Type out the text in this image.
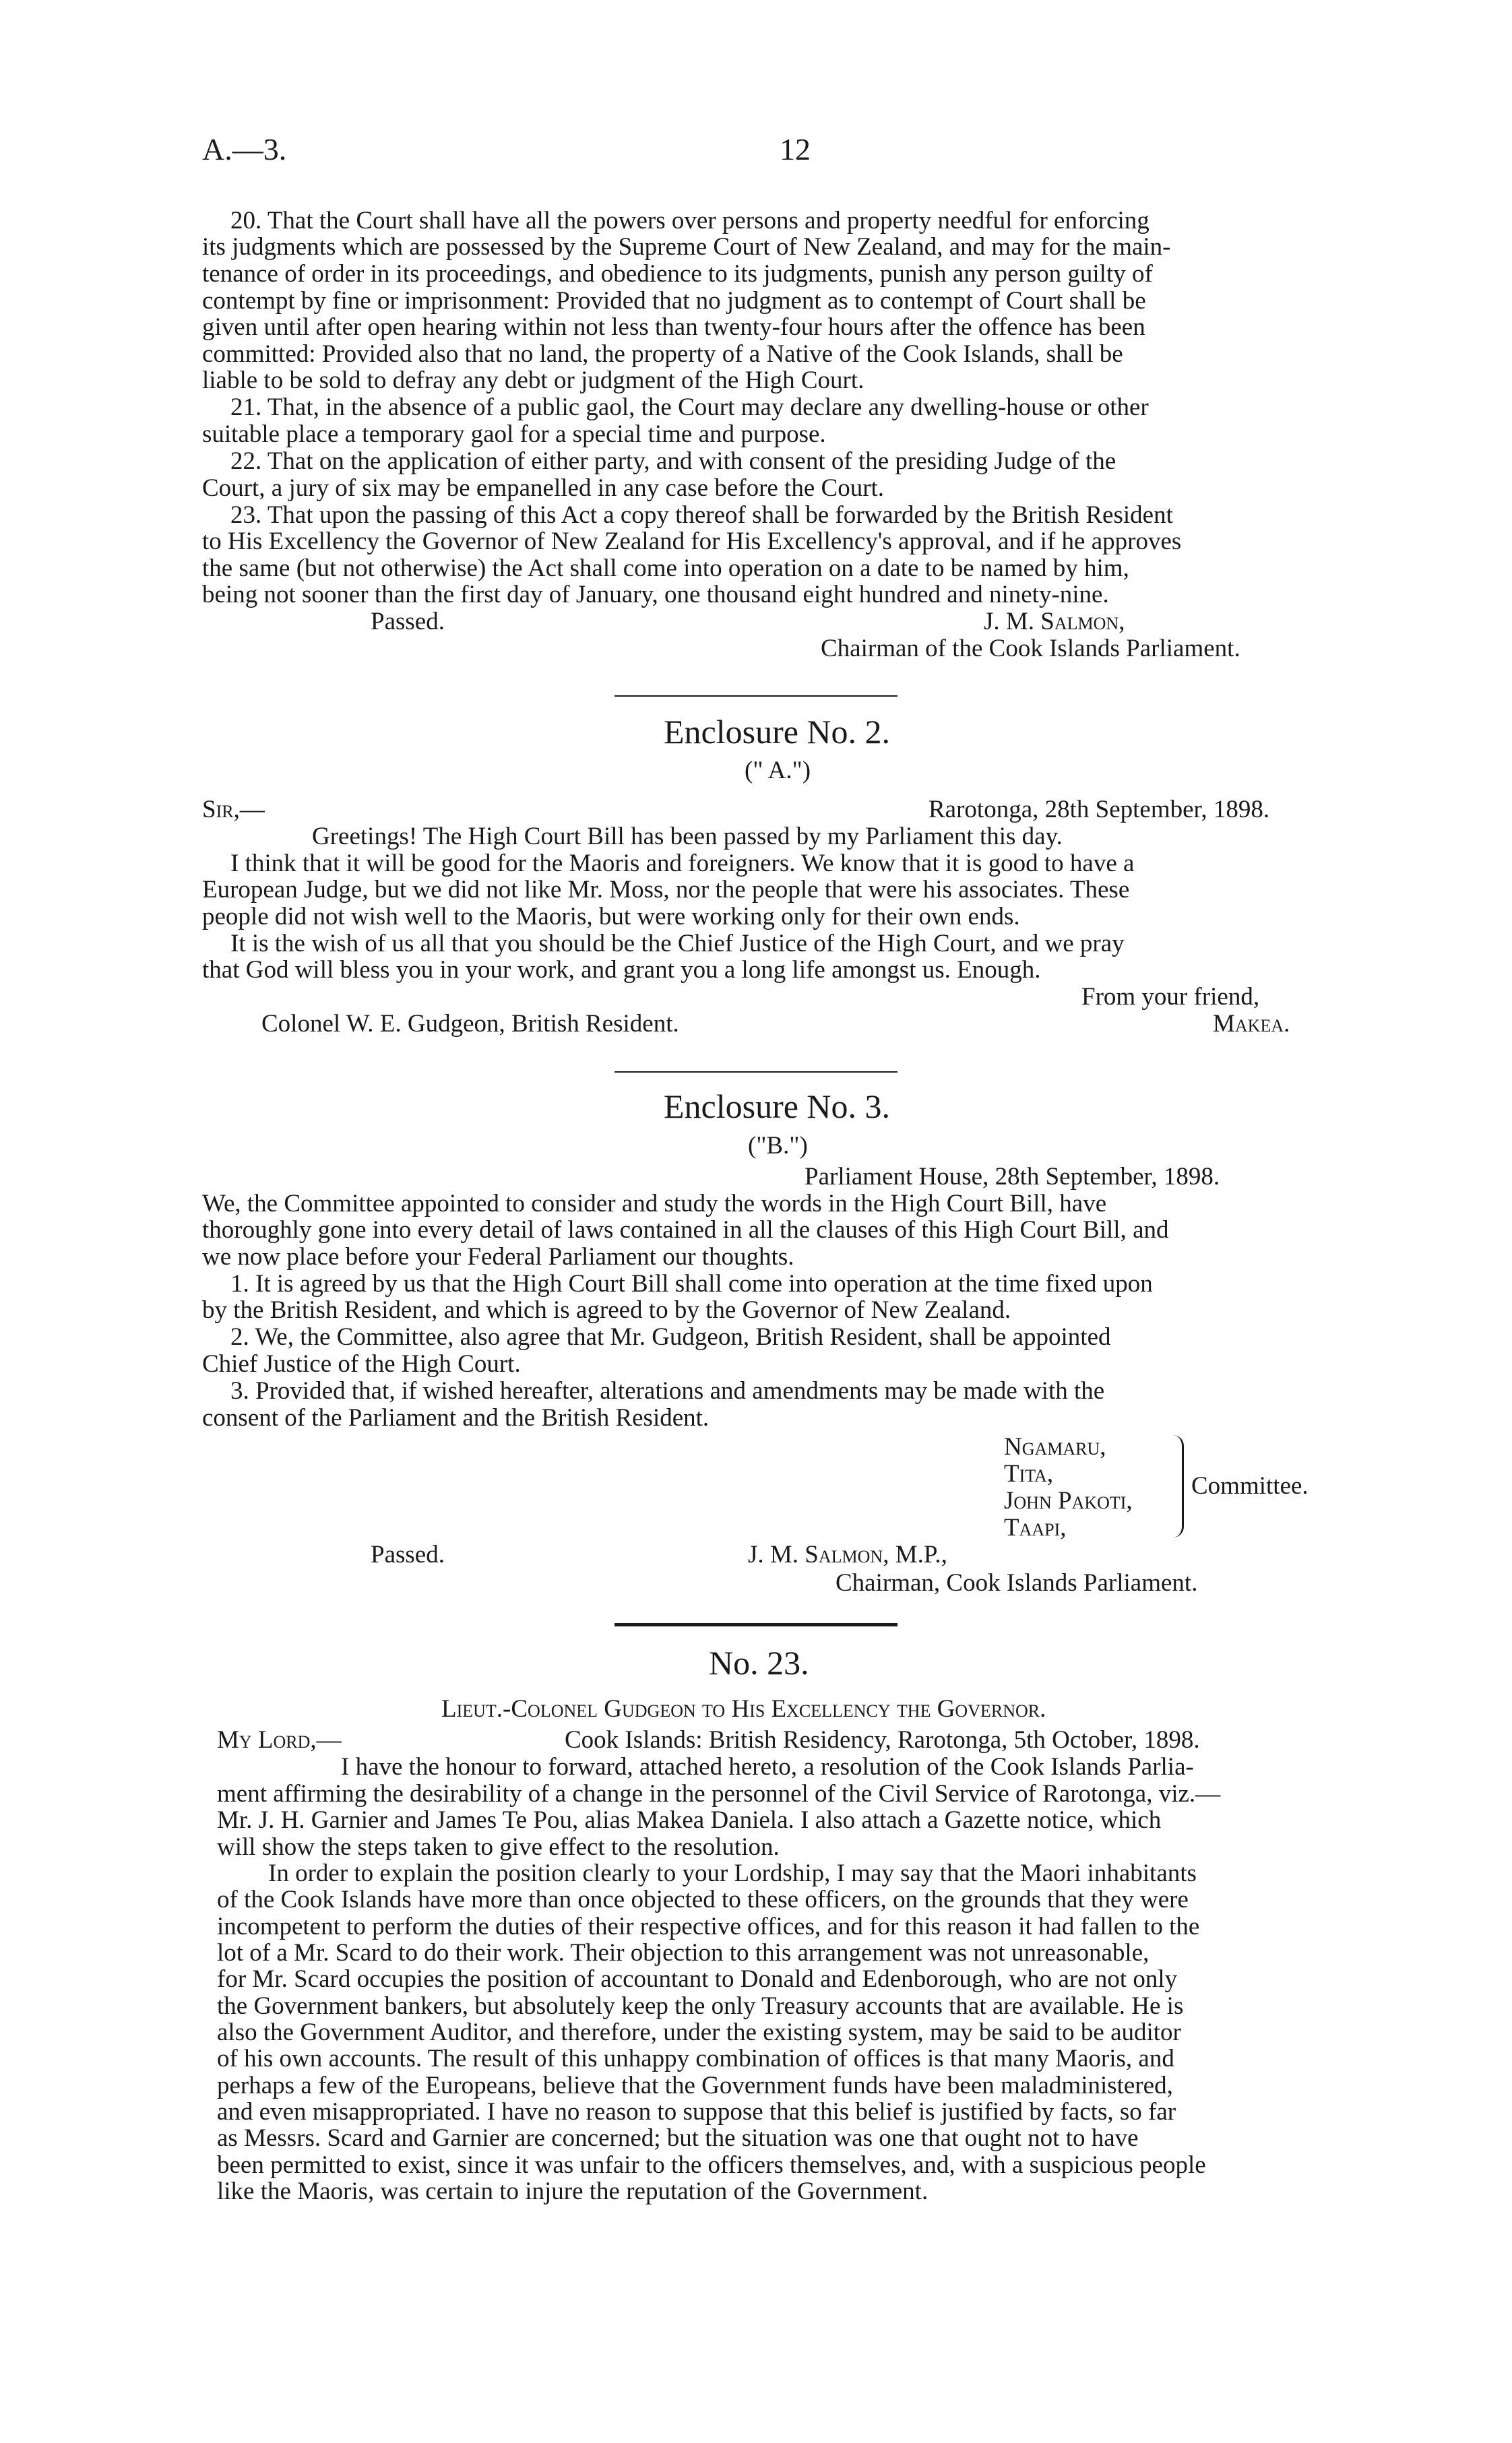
A.—3.	12
20. That the Court shall have all the powers over persons and property needful for enforcing
its judgments which are possessed by the Supreme Court of New Zealand, and may for the main-
tenance of order in its proceedings, and obedience to its judgments, punish any person guilty of
contempt by fine or imprisonment: Provided that no judgment as to contempt of Court shall be
given until after open hearing within not less than twenty-four hours after the offence has been
committed: Provided also that no land, the property of a Native of the Cook Islands, shall be
liable to be sold to defray any debt or judgment of the High Court.
21. That, in the absence of a public gaol, the Court may declare any dwelling-house or other
suitable place a temporary gaol for a special time and purpose.
22. That on the application of either party, and with consent of the presiding Judge of the
Court, a jury of six may be empanelled in any case before the Court.
23. That upon the passing of this Act a copy thereof shall be forwarded by the British Resident
to His Excellency the Governor of New Zealand for His Excellency's approval, and if he approves
the same (but not otherwise) the Act shall come into operation on a date to be named by him,
being not sooner than the first day of January, one thousand eight hundred and ninety-nine.
Passed.	J. M. Salmon,
Chairman of the Cook Islands Parliament.
Enclosure No. 2.
(" A.")
Sir,—	Rarotonga, 28th September, 1898.
Greetings! The High Court Bill has been passed by my Parliament this day.
I think that it will be good for the Maoris and foreigners. We know that it is good to have a
European Judge, but we did not like Mr. Moss, nor the people that were his associates. These
people did not wish well to the Maoris, but were working only for their own ends.
It is the wish of us all that you should be the Chief Justice of the High Court, and we pray
that God will bless you in your work, and grant you a long life amongst us. Enough.
From your friend,
Colonel W. E. Gudgeon, British Resident.	Makea.
Enclosure No. 3.
("B.")
Parliament House, 28th September, 1898.
We, the Committee appointed to consider and study the words in the High Court Bill, have
thoroughly gone into every detail of laws contained in all the clauses of this High Court Bill, and
we now place before your Federal Parliament our thoughts.
1. It is agreed by us that the High Court Bill shall come into operation at the time fixed upon
by the British Resident, and which is agreed to by the Governor of New Zealand.
2. We, the Committee, also agree that Mr. Gudgeon, British Resident, shall be appointed
Chief Justice of the High Court.
3. Provided that, if wished hereafter, alterations and amendments may be made with the
consent of the Parliament and the British Resident.
Ngamaru,
Tita,
John Pakoti,
Taapi,
Committee.
Passed.	J. M. Salmon, M.P.,
Chairman, Cook Islands Parliament.
No. 23.
Lieut.-Colonel Gudgeon to His Excellency the Governor.
My Lord,—	Cook Islands: British Residency, Rarotonga, 5th October, 1898.
I have the honour to forward, attached hereto, a resolution of the Cook Islands Parlia-
ment affirming the desirability of a change in the personnel of the Civil Service of Rarotonga, viz.—
Mr. J. H. Garnier and James Te Pou, alias Makea Daniela. I also attach a Gazette notice, which
will show the steps taken to give effect to the resolution.
In order to explain the position clearly to your Lordship, I may say that the Maori inhabitants
of the Cook Islands have more than once objected to these officers, on the grounds that they were
incompetent to perform the duties of their respective offices, and for this reason it had fallen to the
lot of a Mr. Scard to do their work. Their objection to this arrangement was not unreasonable,
for Mr. Scard occupies the position of accountant to Donald and Edenborough, who are not only
the Government bankers, but absolutely keep the only Treasury accounts that are available. He is
also the Government Auditor, and therefore, under the existing system, may be said to be auditor
of his own accounts. The result of this unhappy combination of offices is that many Maoris, and
perhaps a few of the Europeans, believe that the Government funds have been maladministered,
and even misappropriated. I have no reason to suppose that this belief is justified by facts, so far
as Messrs. Scard and Garnier are concerned; but the situation was one that ought not to have
been permitted to exist, since it was unfair to the officers themselves, and, with a suspicious people
like the Maoris, was certain to injure the reputation of the Government.
